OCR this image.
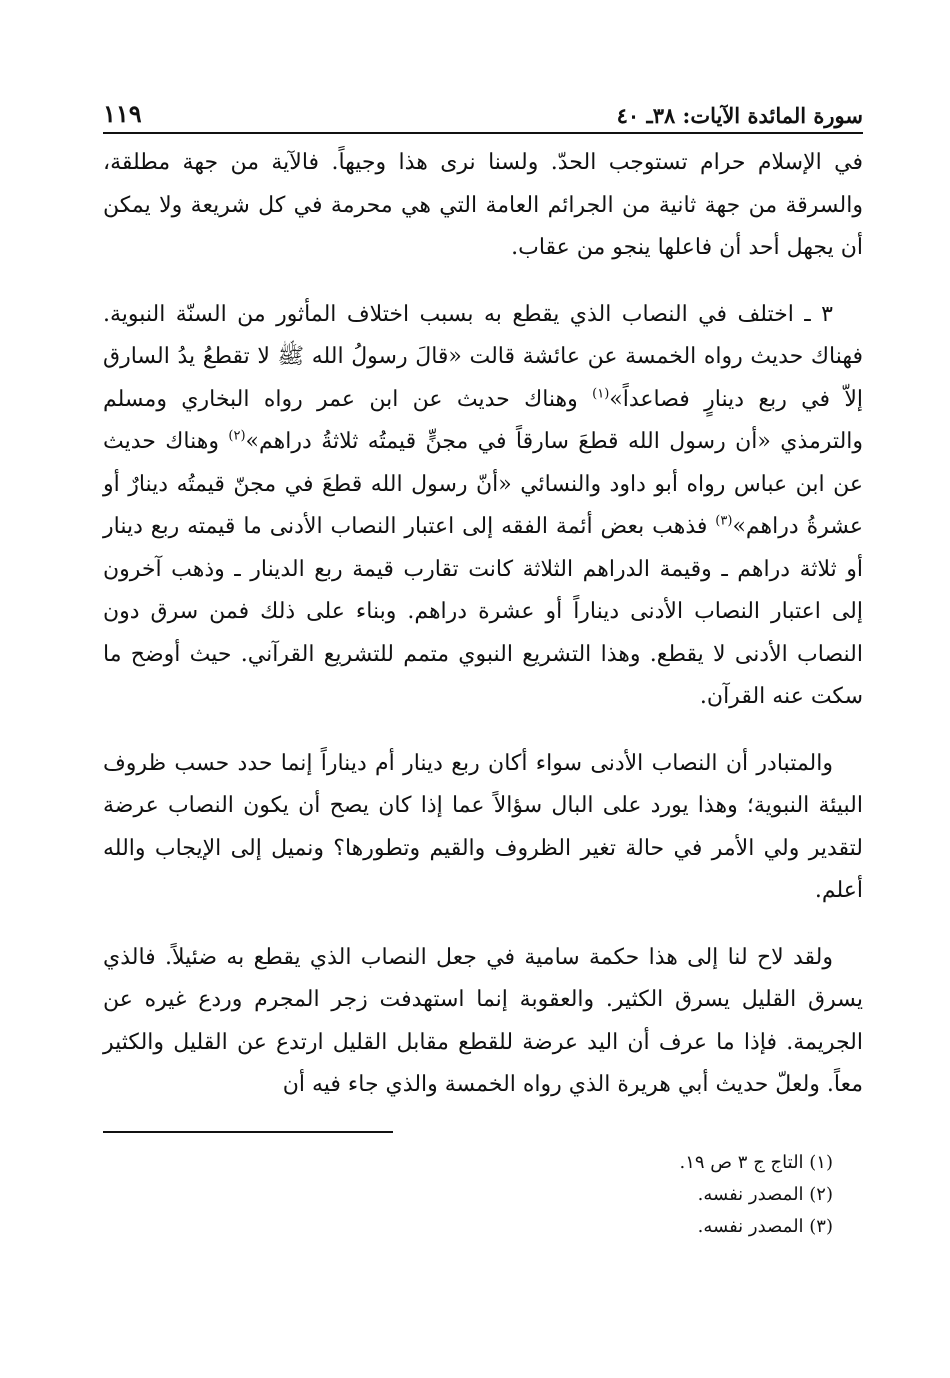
سورة المائدة الآيات: ٣٨ـ ٤٠
١١٩

في الإسلام حرام تستوجب الحدّ. ولسنا نرى هذا وجيهاً. فالآية من جهة مطلقة، والسرقة من جهة ثانية من الجرائم العامة التي هي محرمة في كل شريعة ولا يمكن أن يجهل أحد أن فاعلها ينجو من عقاب.

٣ ـ اختلف في النصاب الذي يقطع به بسبب اختلاف المأثور من السنّة النبوية. فهناك حديث رواه الخمسة عن عائشة قالت «قالَ رسولُ الله ﷺ لا تقطعُ يدُ السارق إلاّ في ربع دينارٍ فصاعداً»$^{(١)}$ وهناك حديث عن ابن عمر رواه البخاري ومسلم والترمذي «أن رسول الله قطعَ سارقاً في مجنٍّ قيمتُه ثلاثةُ دراهم»$^{(٢)}$ وهناك حديث عن ابن عباس رواه أبو داود والنسائي «أنّ رسول الله قطعَ في مجنّ قيمتُه دينارٌ أو عشرةُ دراهم»$^{(٣)}$ فذهب بعض أئمة الفقه إلى اعتبار النصاب الأدنى ما قيمته ربع دينار أو ثلاثة دراهم ـ وقيمة الدراهم الثلاثة كانت تقارب قيمة ربع الدينار ـ وذهب آخرون إلى اعتبار النصاب الأدنى ديناراً أو عشرة دراهم. وبناء على ذلك فمن سرق دون النصاب الأدنى لا يقطع. وهذا التشريع النبوي متمم للتشريع القرآني. حيث أوضح ما سكت عنه القرآن.

والمتبادر أن النصاب الأدنى سواء أكان ربع دينار أم ديناراً إنما حدد حسب ظروف البيئة النبوية؛ وهذا يورد على البال سؤالاً عما إذا كان يصح أن يكون النصاب عرضة لتقدير ولي الأمر في حالة تغير الظروف والقيم وتطورها؟ ونميل إلى الإيجاب والله أعلم.

ولقد لاح لنا إلى هذا حكمة سامية في جعل النصاب الذي يقطع به ضئيلاً. فالذي يسرق القليل يسرق الكثير. والعقوبة إنما استهدفت زجر المجرم وردع غيره عن الجريمة. فإذا ما عرف أن اليد عرضة للقطع مقابل القليل ارتدع عن القليل والكثير معاً. ولعلّ حديث أبي هريرة الذي رواه الخمسة والذي جاء فيه أن

(١) التاج ج ٣ ص ١٩.

(٢) المصدر نفسه.

(٣) المصدر نفسه.
